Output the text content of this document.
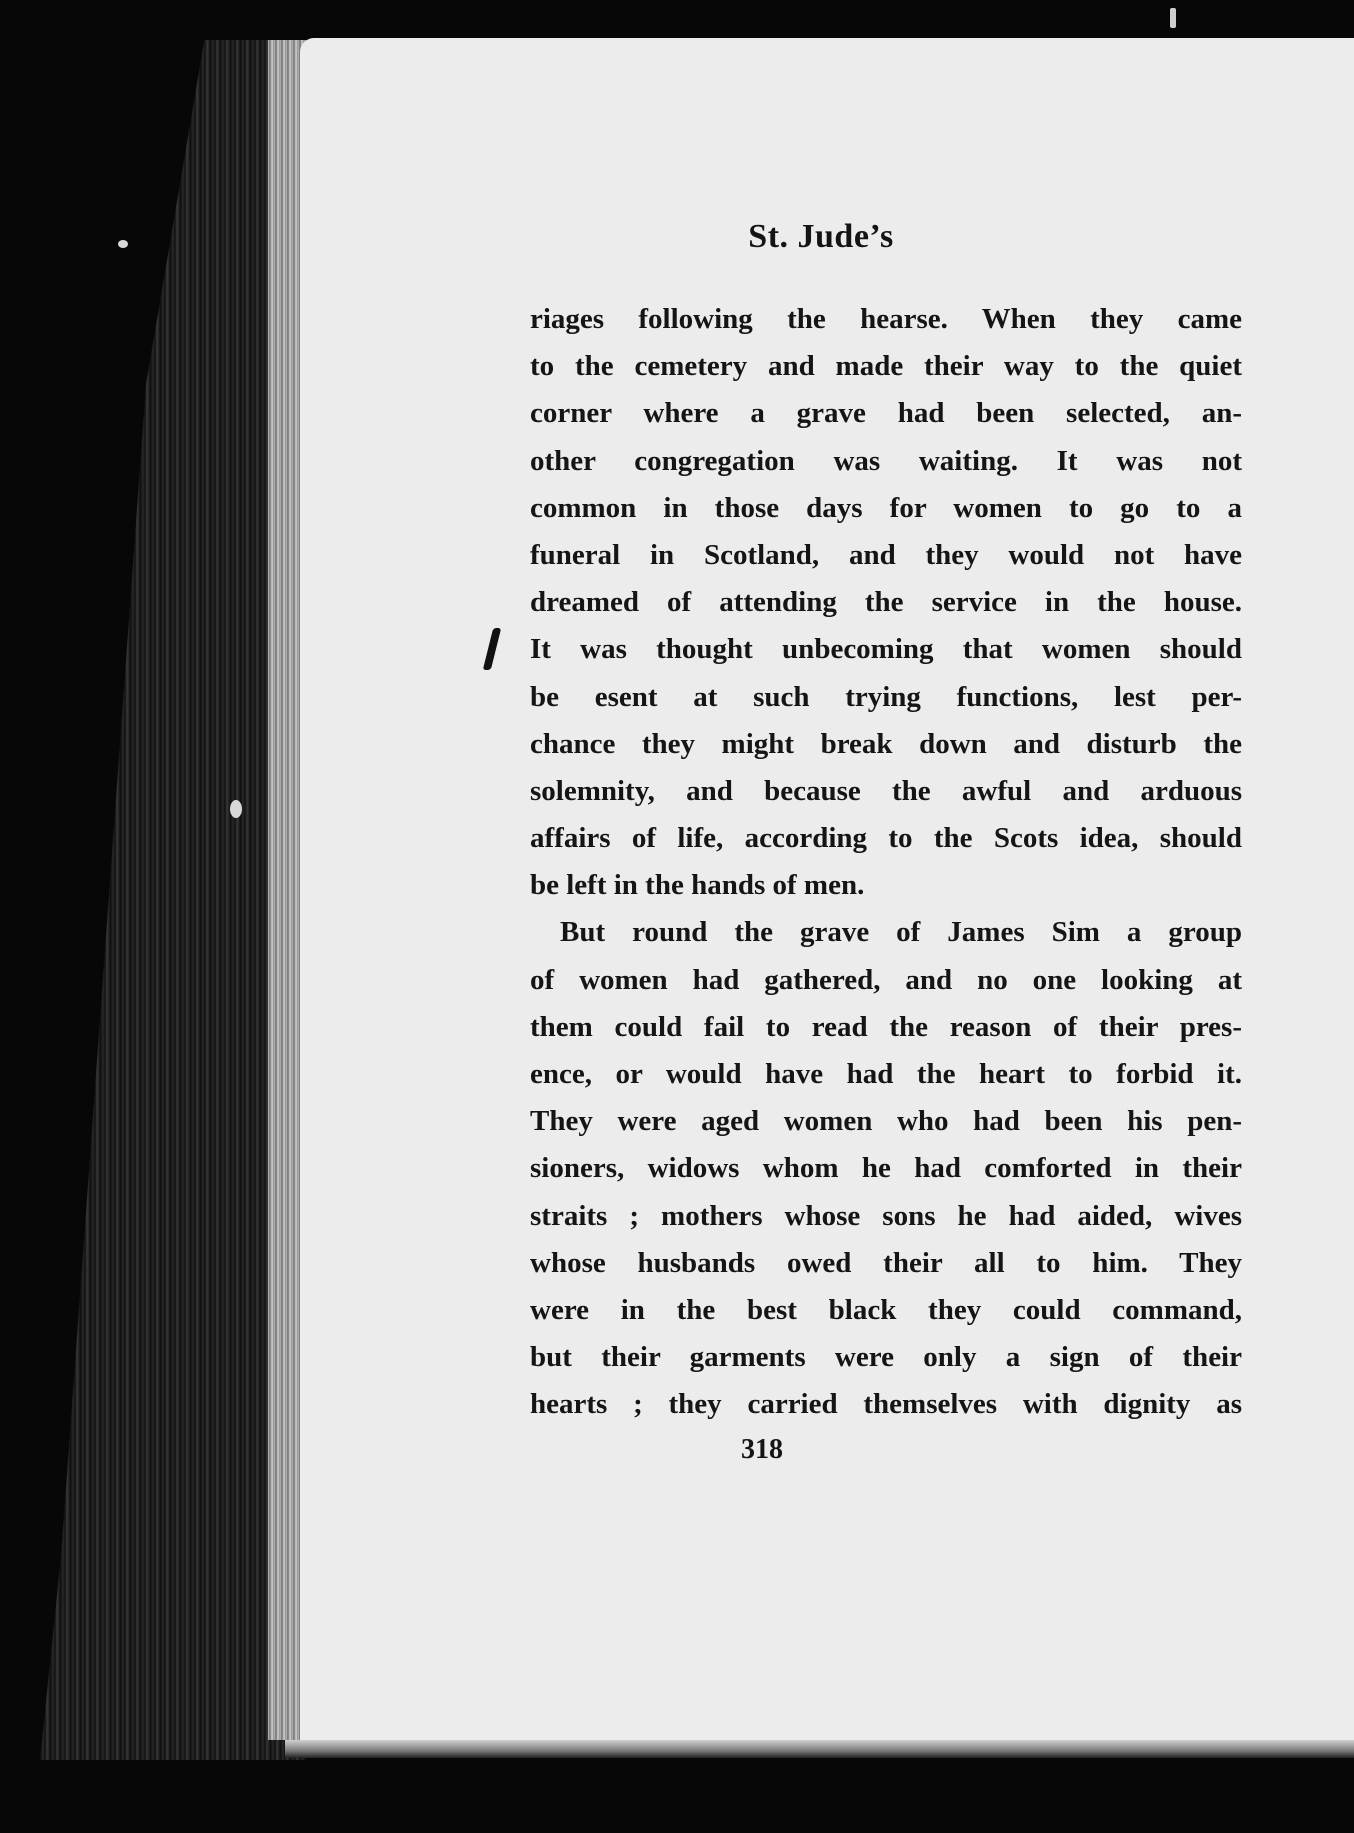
St. Jude’s
riages following the hearse. When they came
to the cemetery and made their way to the quiet
corner where a grave had been selected, an-
other congregation was waiting. It was not
common in those days for women to go to a
funeral in Scotland, and they would not have
dreamed of attending the service in the house.
It was thought unbecoming that women should
be esent at such trying functions, lest per-
chance they might break down and disturb the
solemnity, and because the awful and arduous
affairs of life, according to the Scots idea, should
be left in the hands of men.
But round the grave of James Sim a group
of women had gathered, and no one looking at
them could fail to read the reason of their pres-
ence, or would have had the heart to forbid it.
They were aged women who had been his pen-
sioners, widows whom he had comforted in their
straits ; mothers whose sons he had aided, wives
whose husbands owed their all to him. They
were in the best black they could command,
but their garments were only a sign of their
hearts ; they carried themselves with dignity as
318
